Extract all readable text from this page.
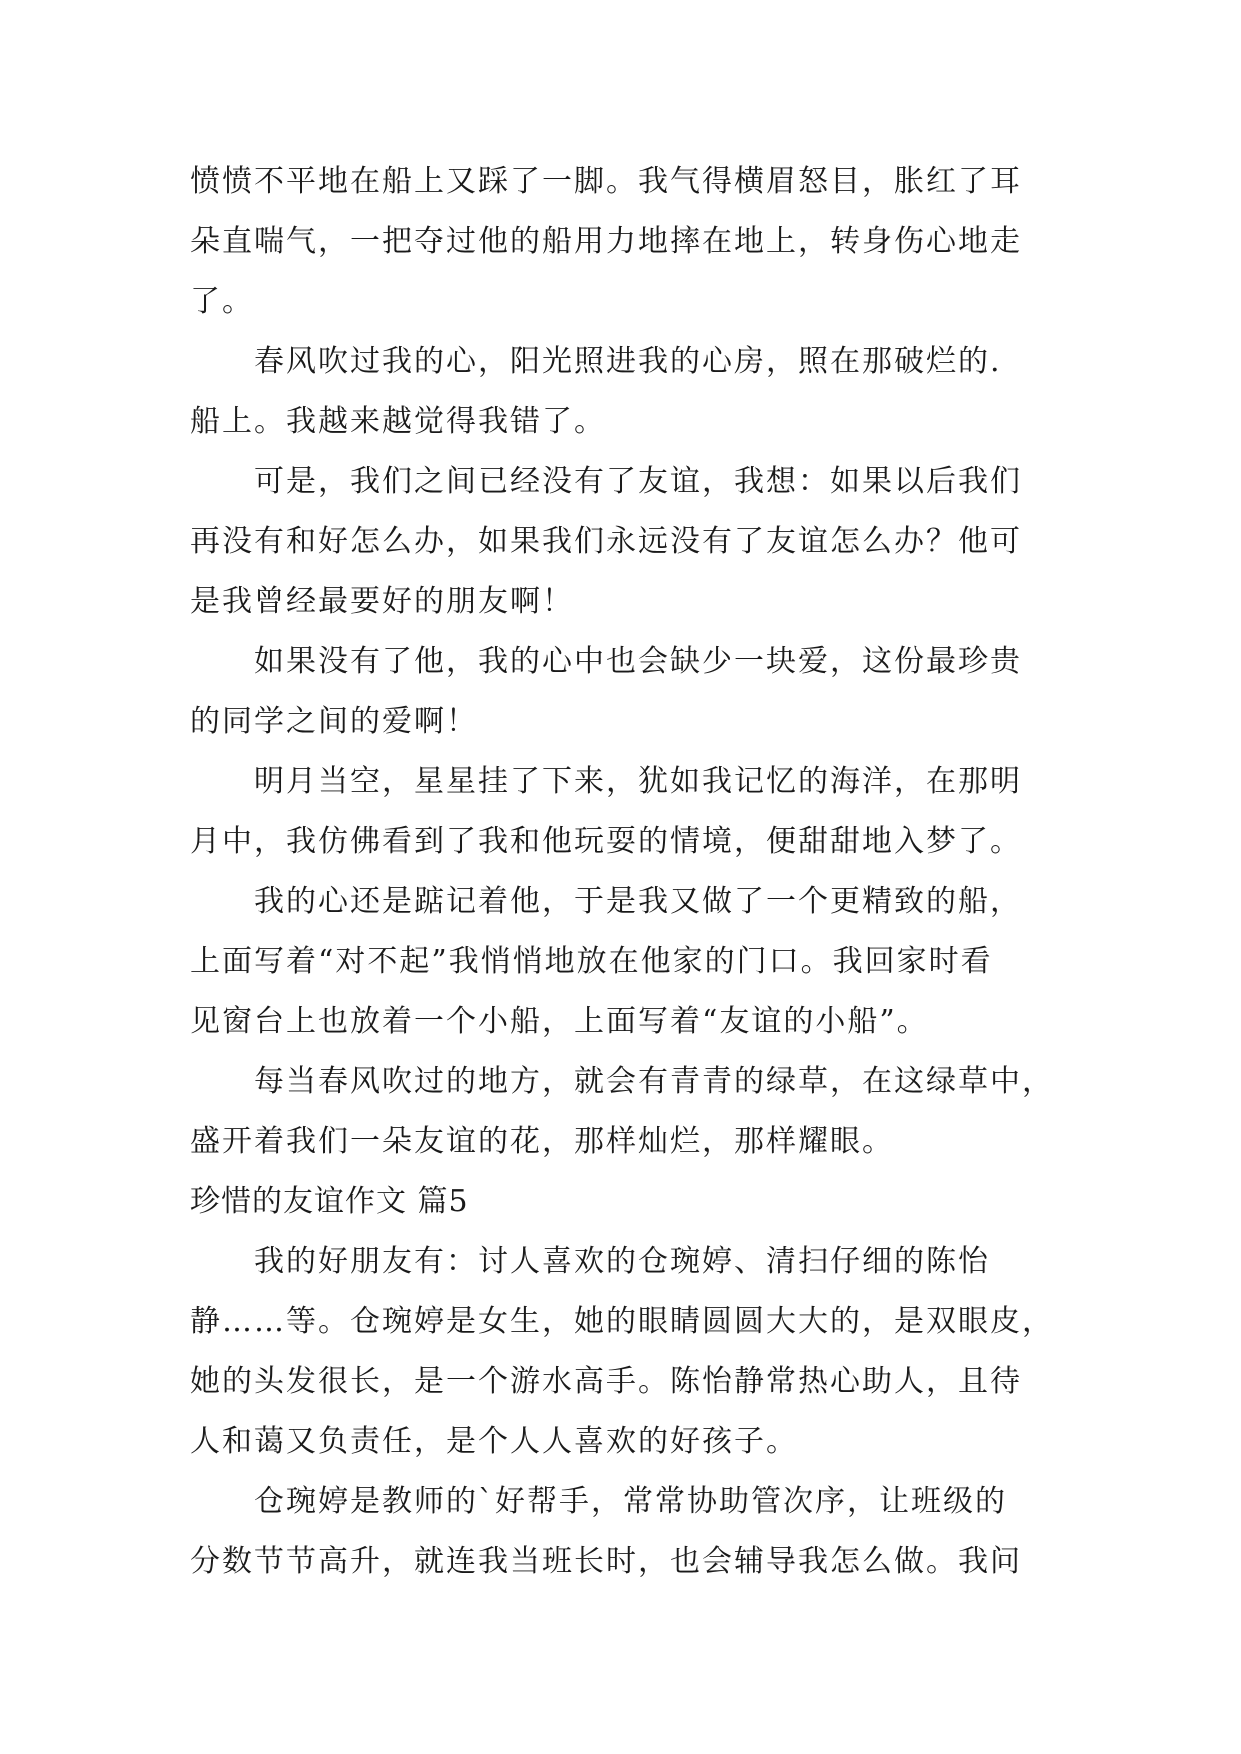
愤愤不平地在船上又踩了一脚。我气得横眉怒目，胀红了耳
朵直喘气，一把夺过他的船用力地摔在地上，转身伤心地走
了。
　　春风吹过我的心，阳光照进我的心房，照在那破烂的.
船上。我越来越觉得我错了。
　　可是，我们之间已经没有了友谊，我想：如果以后我们
再没有和好怎么办，如果我们永远没有了友谊怎么办？他可
是我曾经最要好的朋友啊！
　　如果没有了他，我的心中也会缺少一块爱，这份最珍贵
的同学之间的爱啊！
　　明月当空，星星挂了下来，犹如我记忆的海洋，在那明
月中，我仿佛看到了我和他玩耍的情境，便甜甜地入梦了。
　　我的心还是踮记着他，于是我又做了一个更精致的船，
上面写着“对不起”我悄悄地放在他家的门口。我回家时看
见窗台上也放着一个小船，上面写着“友谊的小船”。
　　每当春风吹过的地方，就会有青青的绿草，在这绿草中，
盛开着我们一朵友谊的花，那样灿烂，那样耀眼。
珍惜的友谊作文 篇5
　　我的好朋友有：讨人喜欢的仓琬婷、清扫仔细的陈怡
静……等。仓琬婷是女生，她的眼睛圆圆大大的，是双眼皮，
她的头发很长，是一个游水高手。陈怡静常热心助人，且待
人和蔼又负责任，是个人人喜欢的好孩子。
　　仓琬婷是教师的`好帮手，常常协助管次序，让班级的
分数节节高升，就连我当班长时，也会辅导我怎么做。我问
